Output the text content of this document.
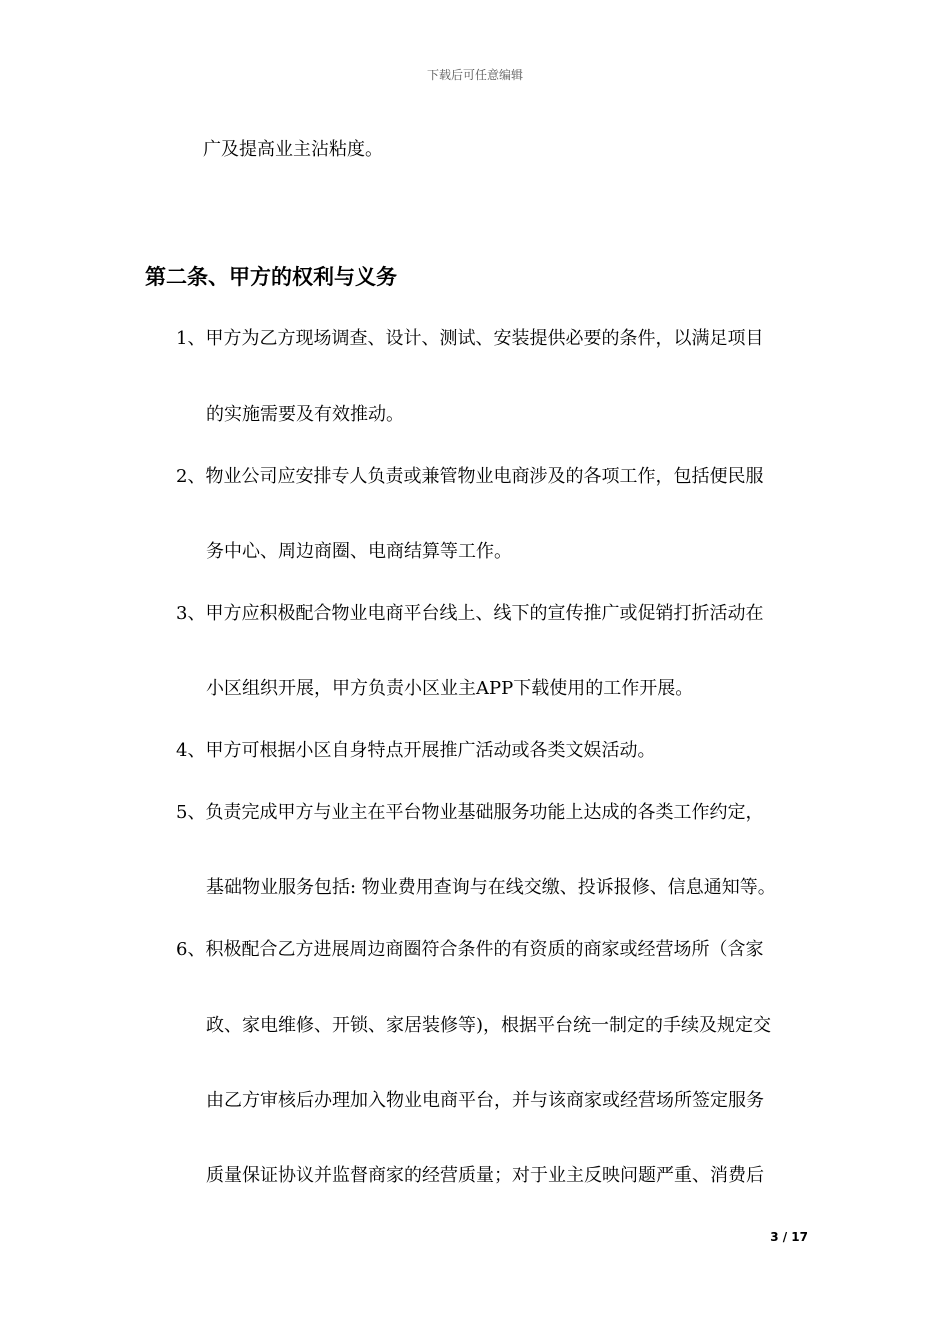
下载后可任意编辑
广及提高业主沾粘度。
第二条、甲方的权利与义务
1、甲方为乙方现场调查、设计、测试、安装提供必要的条件，以满足项目
的实施需要及有效推动。
2、物业公司应安排专人负责或兼管物业电商涉及的各项工作，包括便民服
务中心、周边商圈、电商结算等工作。
3、甲方应积极配合物业电商平台线上、线下的宣传推广或促销打折活动在
小区组织开展，甲方负责小区业主APP下载使用的工作开展。
4、甲方可根据小区自身特点开展推广活动或各类文娱活动。
5、负责完成甲方与业主在平台物业基础服务功能上达成的各类工作约定，
基础物业服务包括: 物业费用查询与在线交缴、投诉报修、信息通知等。
6、积极配合乙方进展周边商圈符合条件的有资质的商家或经营场所（含家
政、家电维修、开锁、家居装修等)，根据平台统一制定的手续及规定交
由乙方审核后办理加入物业电商平台，并与该商家或经营场所签定服务
质量保证协议并监督商家的经营质量；对于业主反映问题严重、消费后
3 / 17
